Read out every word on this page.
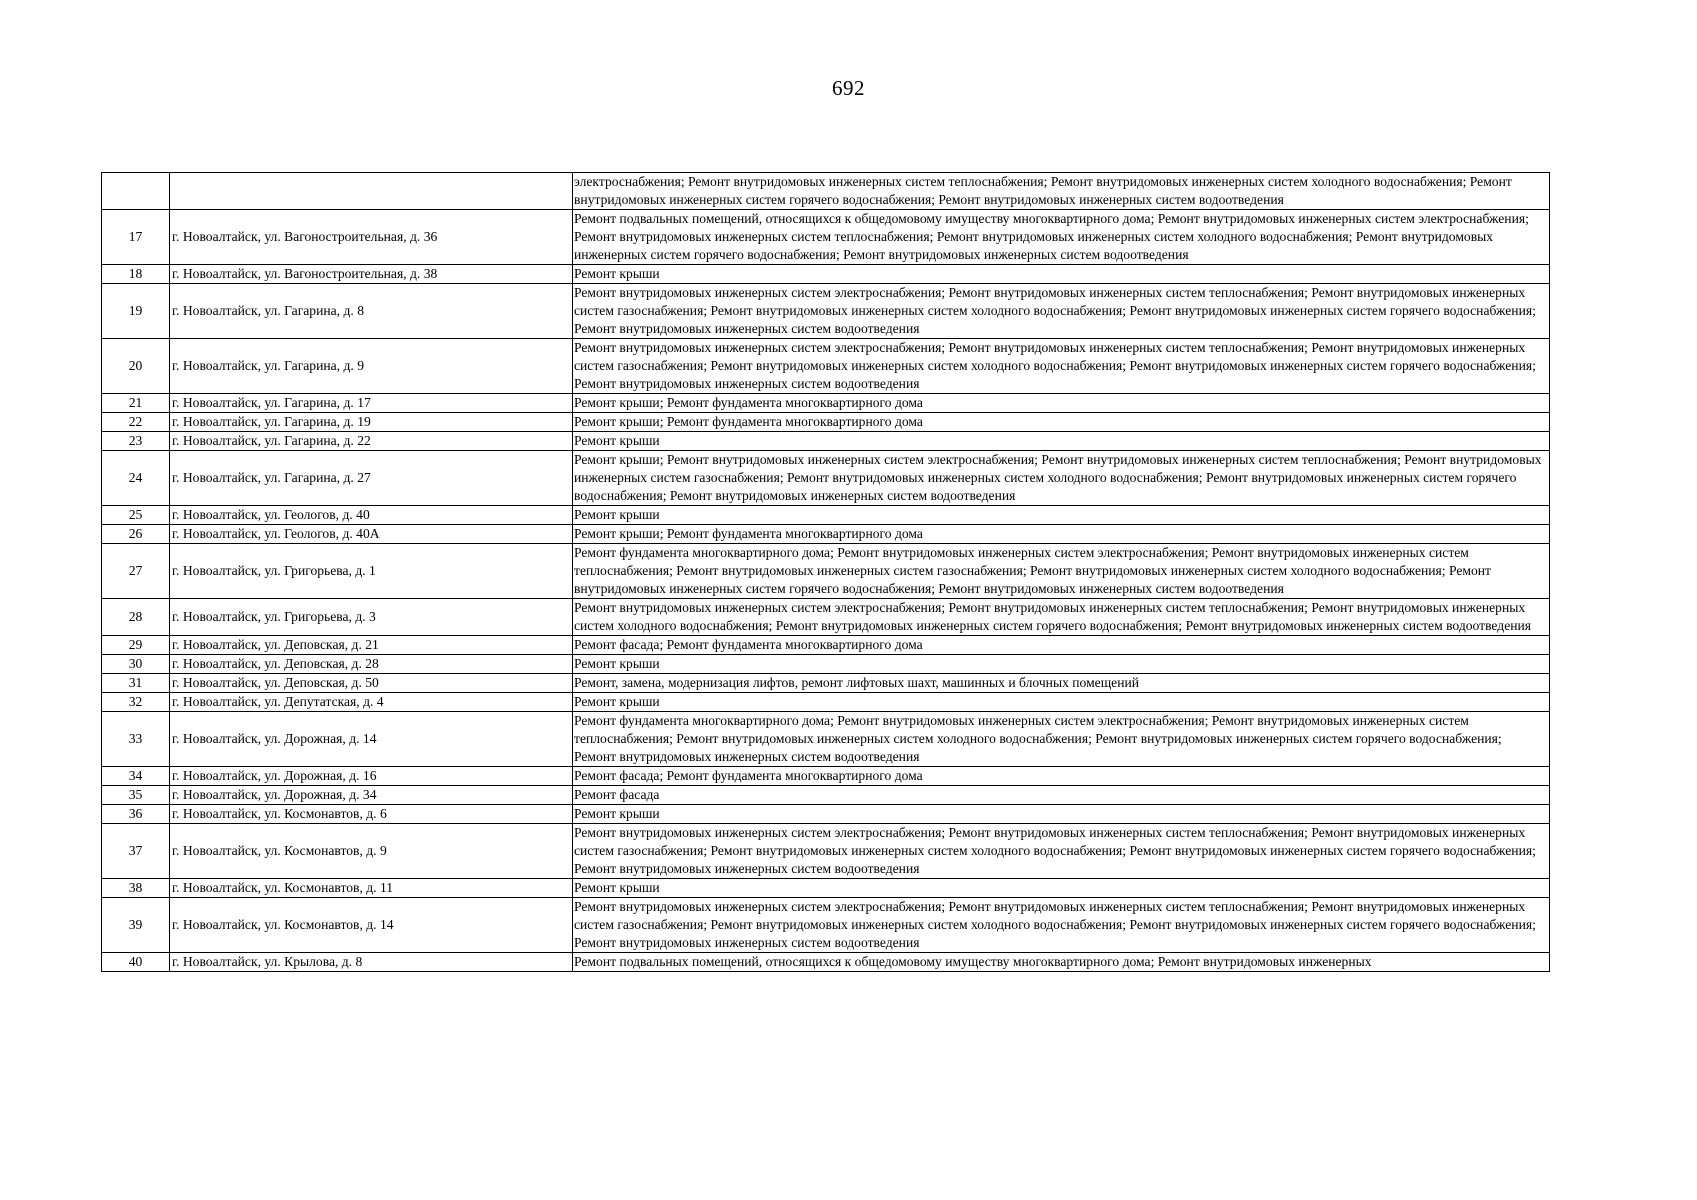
692

		электроснабжения; Ремонт внутридомовых инженерных систем теплоснабжения; Ремонт внутридомовых инженерных систем холодного водоснабжения; Ремонт внутридомовых инженерных систем горячего водоснабжения; Ремонт внутридомовых инженерных систем водоотведения

17	г. Новоалтайск, ул. Вагоностроительная, д. 36	Ремонт подвальных помещений, относящихся к общедомовому имуществу многоквартирного дома; Ремонт внутридомовых инженерных систем электроснабжения; Ремонт внутридомовых инженерных систем теплоснабжения; Ремонт внутридомовых инженерных систем холодного водоснабжения; Ремонт внутридомовых инженерных систем горячего водоснабжения; Ремонт внутридомовых инженерных систем водоотведения

18	г. Новоалтайск, ул. Вагоностроительная, д. 38	Ремонт крыши

19	г. Новоалтайск, ул. Гагарина, д. 8	Ремонт внутридомовых инженерных систем электроснабжения; Ремонт внутридомовых инженерных систем теплоснабжения; Ремонт внутридомовых инженерных систем газоснабжения; Ремонт внутридомовых инженерных систем холодного водоснабжения; Ремонт внутридомовых инженерных систем горячего водоснабжения; Ремонт внутридомовых инженерных систем водоотведения

20	г. Новоалтайск, ул. Гагарина, д. 9	Ремонт внутридомовых инженерных систем электроснабжения; Ремонт внутридомовых инженерных систем теплоснабжения; Ремонт внутридомовых инженерных систем газоснабжения; Ремонт внутридомовых инженерных систем холодного водоснабжения; Ремонт внутридомовых инженерных систем горячего водоснабжения; Ремонт внутридомовых инженерных систем водоотведения

21	г. Новоалтайск, ул. Гагарина, д. 17	Ремонт крыши; Ремонт фундамента многоквартирного дома

22	г. Новоалтайск, ул. Гагарина, д. 19	Ремонт крыши; Ремонт фундамента многоквартирного дома

23	г. Новоалтайск, ул. Гагарина, д. 22	Ремонт крыши

24	г. Новоалтайск, ул. Гагарина, д. 27	Ремонт крыши; Ремонт внутридомовых инженерных систем электроснабжения; Ремонт внутридомовых инженерных систем теплоснабжения; Ремонт внутридомовых инженерных систем газоснабжения; Ремонт внутридомовых инженерных систем холодного водоснабжения; Ремонт внутридомовых инженерных систем горячего водоснабжения; Ремонт внутридомовых инженерных систем водоотведения

25	г. Новоалтайск, ул. Геологов, д. 40	Ремонт крыши

26	г. Новоалтайск, ул. Геологов, д. 40А	Ремонт крыши; Ремонт фундамента многоквартирного дома

27	г. Новоалтайск, ул. Григорьева, д. 1	Ремонт фундамента многоквартирного дома; Ремонт внутридомовых инженерных систем электроснабжения; Ремонт внутридомовых инженерных систем теплоснабжения; Ремонт внутридомовых инженерных систем газоснабжения; Ремонт внутридомовых инженерных систем холодного водоснабжения; Ремонт внутридомовых инженерных систем горячего водоснабжения; Ремонт внутридомовых инженерных систем водоотведения

28	г. Новоалтайск, ул. Григорьева, д. 3	Ремонт внутридомовых инженерных систем электроснабжения; Ремонт внутридомовых инженерных систем теплоснабжения; Ремонт внутридомовых инженерных систем холодного водоснабжения; Ремонт внутридомовых инженерных систем горячего водоснабжения; Ремонт внутридомовых инженерных систем водоотведения

29	г. Новоалтайск, ул. Деповская, д. 21	Ремонт фасада; Ремонт фундамента многоквартирного дома

30	г. Новоалтайск, ул. Деповская, д. 28	Ремонт крыши

31	г. Новоалтайск, ул. Деповская, д. 50	Ремонт, замена, модернизация лифтов, ремонт лифтовых шахт, машинных и блочных помещений

32	г. Новоалтайск, ул. Депутатская, д. 4	Ремонт крыши

33	г. Новоалтайск, ул. Дорожная, д. 14	Ремонт фундамента многоквартирного дома; Ремонт внутридомовых инженерных систем электроснабжения; Ремонт внутридомовых инженерных систем теплоснабжения; Ремонт внутридомовых инженерных систем холодного водоснабжения; Ремонт внутридомовых инженерных систем горячего водоснабжения; Ремонт внутридомовых инженерных систем водоотведения

34	г. Новоалтайск, ул. Дорожная, д. 16	Ремонт фасада; Ремонт фундамента многоквартирного дома

35	г. Новоалтайск, ул. Дорожная, д. 34	Ремонт фасада

36	г. Новоалтайск, ул. Космонавтов, д. 6	Ремонт крыши

37	г. Новоалтайск, ул. Космонавтов, д. 9	Ремонт внутридомовых инженерных систем электроснабжения; Ремонт внутридомовых инженерных систем теплоснабжения; Ремонт внутридомовых инженерных систем газоснабжения; Ремонт внутридомовых инженерных систем холодного водоснабжения; Ремонт внутридомовых инженерных систем горячего водоснабжения; Ремонт внутридомовых инженерных систем водоотведения

38	г. Новоалтайск, ул. Космонавтов, д. 11	Ремонт крыши

39	г. Новоалтайск, ул. Космонавтов, д. 14	Ремонт внутридомовых инженерных систем электроснабжения; Ремонт внутридомовых инженерных систем теплоснабжения; Ремонт внутридомовых инженерных систем газоснабжения; Ремонт внутридомовых инженерных систем холодного водоснабжения; Ремонт внутридомовых инженерных систем горячего водоснабжения; Ремонт внутридомовых инженерных систем водоотведения

40	г. Новоалтайск, ул. Крылова, д. 8	Ремонт подвальных помещений, относящихся к общедомовому имуществу многоквартирного дома; Ремонт внутридомовых инженерных
